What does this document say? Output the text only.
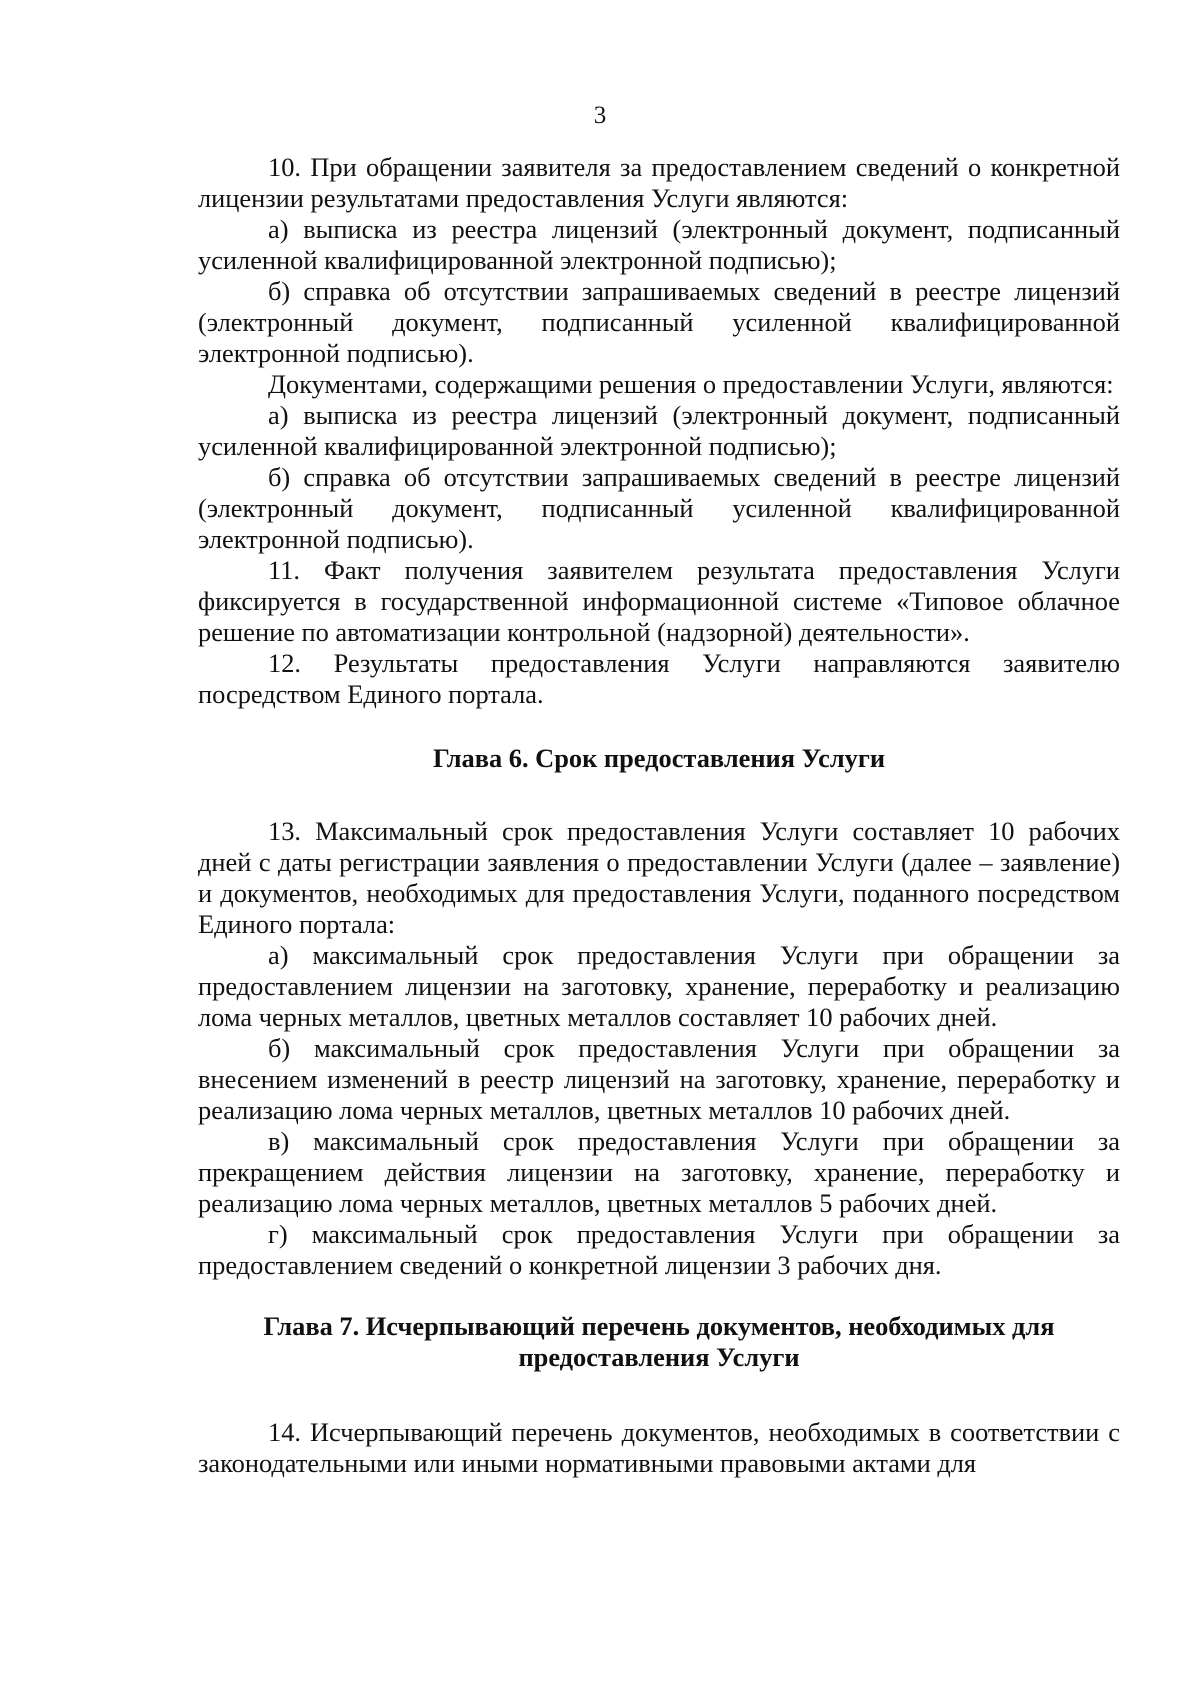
3

10. При обращении заявителя за предоставлением сведений о конкретной лицензии результатами предоставления Услуги являются:

а) выписка из реестра лицензий (электронный документ, подписанный усиленной квалифицированной электронной подписью);

б) справка об отсутствии запрашиваемых сведений в реестре лицензий (электронный документ, подписанный усиленной квалифицированной электронной подписью).

Документами, содержащими решения о предоставлении Услуги, являются:

а) выписка из реестра лицензий (электронный документ, подписанный усиленной квалифицированной электронной подписью);

б) справка об отсутствии запрашиваемых сведений в реестре лицензий (электронный документ, подписанный усиленной квалифицированной электронной подписью).

11. Факт получения заявителем результата предоставления Услуги фиксируется в государственной информационной системе «Типовое облачное решение по автоматизации контрольной (надзорной) деятельности».

12. Результаты предоставления Услуги направляются заявителю посредством Единого портала.

Глава 6. Срок предоставления Услуги

13. Максимальный срок предоставления Услуги составляет 10 рабочих дней с даты регистрации заявления о предоставлении Услуги (далее – заявление) и документов, необходимых для предоставления Услуги, поданного посредством Единого портала:

а) максимальный срок предоставления Услуги при обращении за предоставлением лицензии на заготовку, хранение, переработку и реализацию лома черных металлов, цветных металлов составляет 10 рабочих дней.

б) максимальный срок предоставления Услуги при обращении за внесением изменений в реестр лицензий на заготовку, хранение, переработку и реализацию лома черных металлов, цветных металлов 10 рабочих дней.

в) максимальный срок предоставления Услуги при обращении за прекращением действия лицензии на заготовку, хранение, переработку и реализацию лома черных металлов, цветных металлов 5 рабочих дней.

г) максимальный срок предоставления Услуги при обращении за предоставлением сведений о конкретной лицензии 3 рабочих дня.

Глава 7. Исчерпывающий перечень документов, необходимых для

предоставления Услуги

14. Исчерпывающий перечень документов, необходимых в соответствии с законодательными или иными нормативными правовыми актами для
